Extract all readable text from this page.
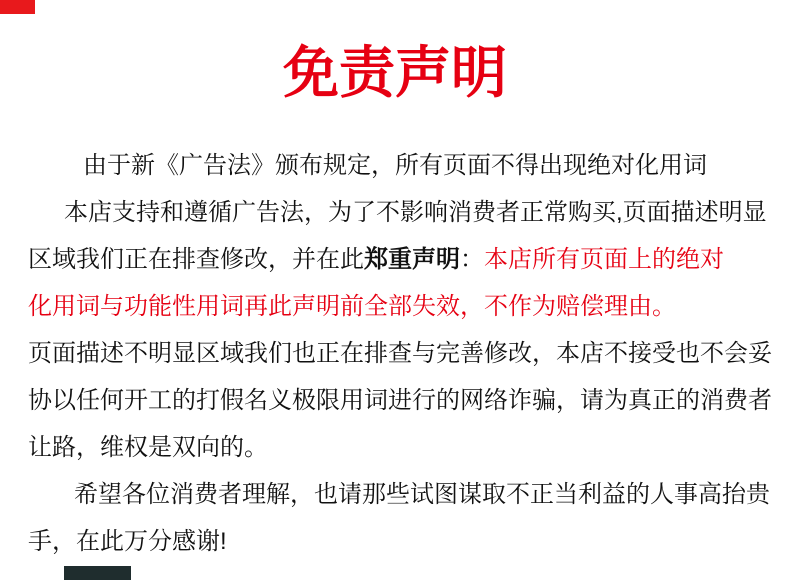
免责声明
由于新《广告法》颁布规定，所有页面不得出现绝对化用词
本店支持和遵循广告法，为了不影响消费者正常购买,页面描述明显
区域我们正在排查修改，并在此郑重声明：本店所有页面上的绝对
化用词与功能性用词再此声明前全部失效，不作为赔偿理由。
页面描述不明显区域我们也正在排查与完善修改，本店不接受也不会妥
协以任何开工的打假名义极限用词进行的网络诈骗，请为真正的消费者
让路，维权是双向的。
希望各位消费者理解，也请那些试图谋取不正当利益的人事高抬贵
手，在此万分感谢!
